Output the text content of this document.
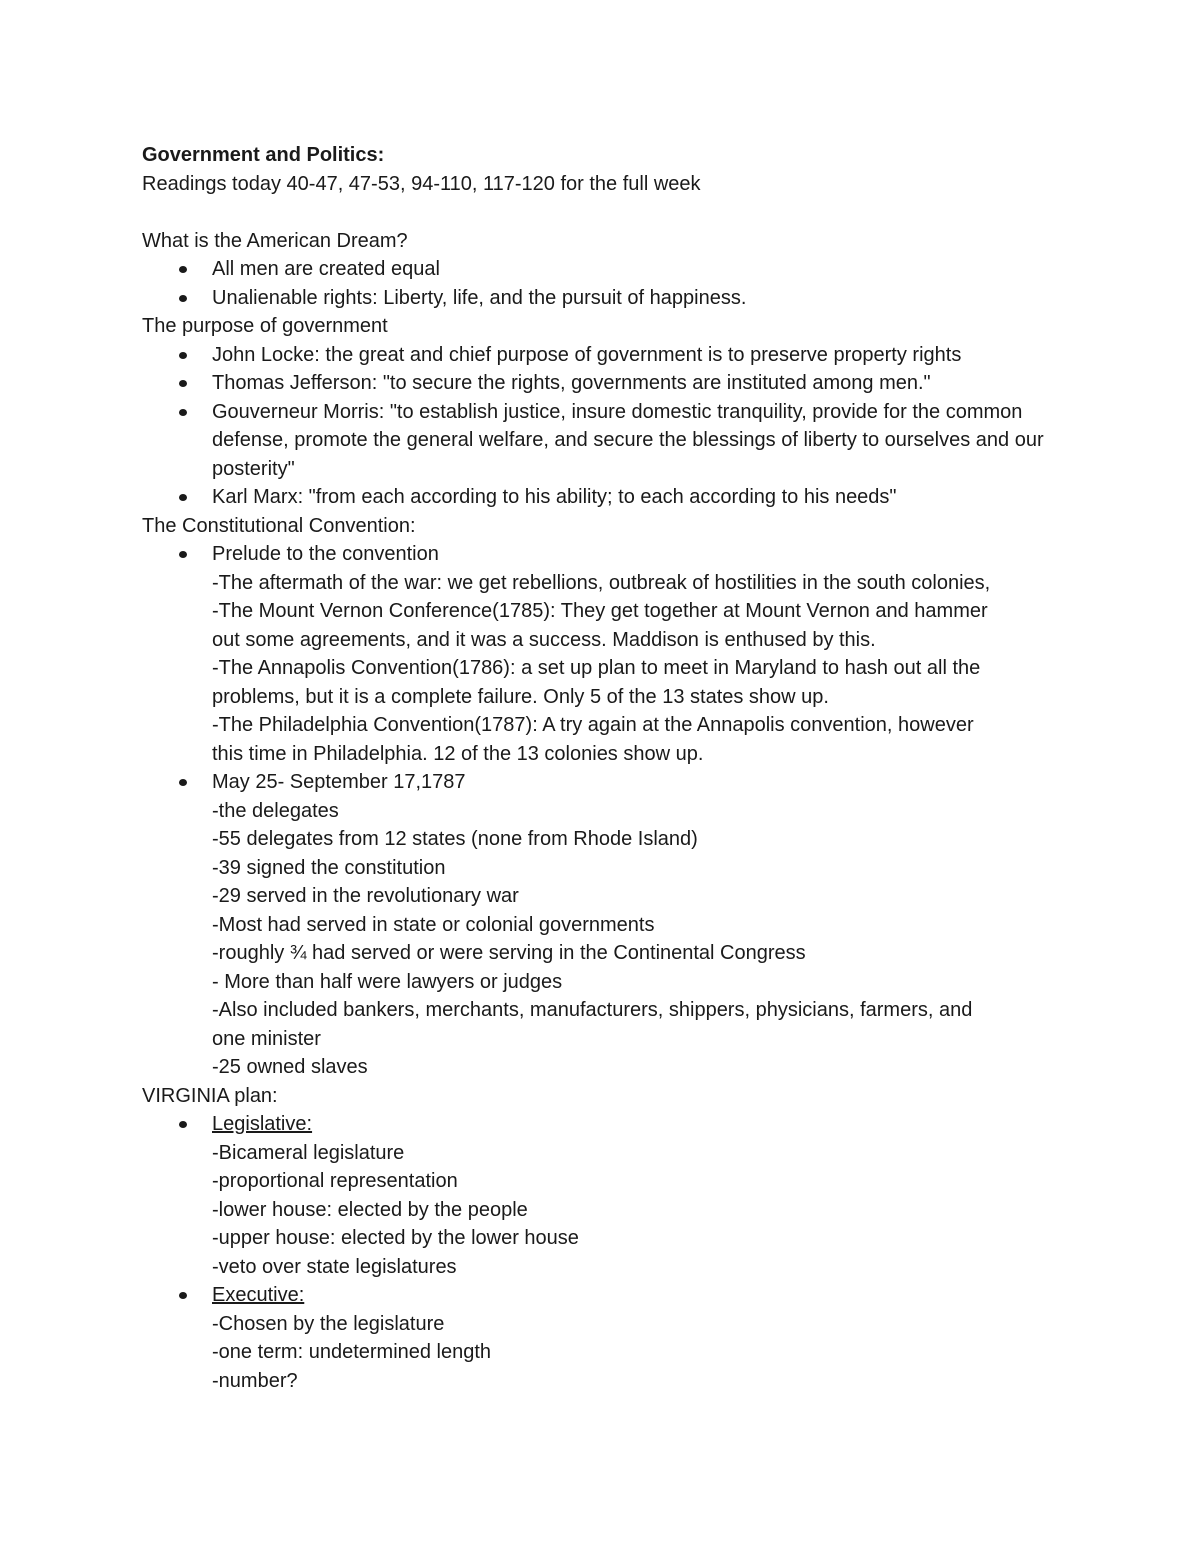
Government and Politics:
Readings today 40-47, 47-53, 94-110, 117-120 for the full week
What is the American Dream?
All men are created equal
Unalienable rights: Liberty, life, and the pursuit of happiness.
The purpose of government
John Locke: the great and chief purpose of government is to preserve property rights
Thomas Jefferson: "to secure the rights, governments are instituted among men."
Gouverneur Morris: "to establish justice, insure domestic tranquility, provide for the common defense, promote the general welfare, and secure the blessings of liberty to ourselves and our posterity"
Karl Marx: "from each according to his ability; to each according to his needs"
The Constitutional Convention:
Prelude to the convention
-The aftermath of the war: we get rebellions, outbreak of hostilities in the south colonies,
-The Mount Vernon Conference(1785): They get together at Mount Vernon and hammer
out some agreements, and it was a success. Maddison is enthused by this.
-The Annapolis Convention(1786): a set up plan to meet in Maryland to hash out all the
problems, but it is a complete failure. Only 5 of the 13 states show up.
-The Philadelphia Convention(1787): A try again at the Annapolis convention, however
this time in Philadelphia. 12 of the 13 colonies show up.
May 25- September 17,1787
-the delegates
-55 delegates from 12 states (none from Rhode Island)
-39 signed the constitution
-29 served in the revolutionary war
-Most had served in state or colonial governments
-roughly ¾ had served or were serving in the Continental Congress
- More than half were lawyers or judges
-Also included bankers, merchants, manufacturers, shippers, physicians, farmers, and
one minister
-25 owned slaves
VIRGINIA plan:
Legislative:
-Bicameral legislature
-proportional representation
-lower house: elected by the people
-upper house: elected by the lower house
-veto over state legislatures
Executive:
-Chosen by the legislature
-one term: undetermined length
-number?
